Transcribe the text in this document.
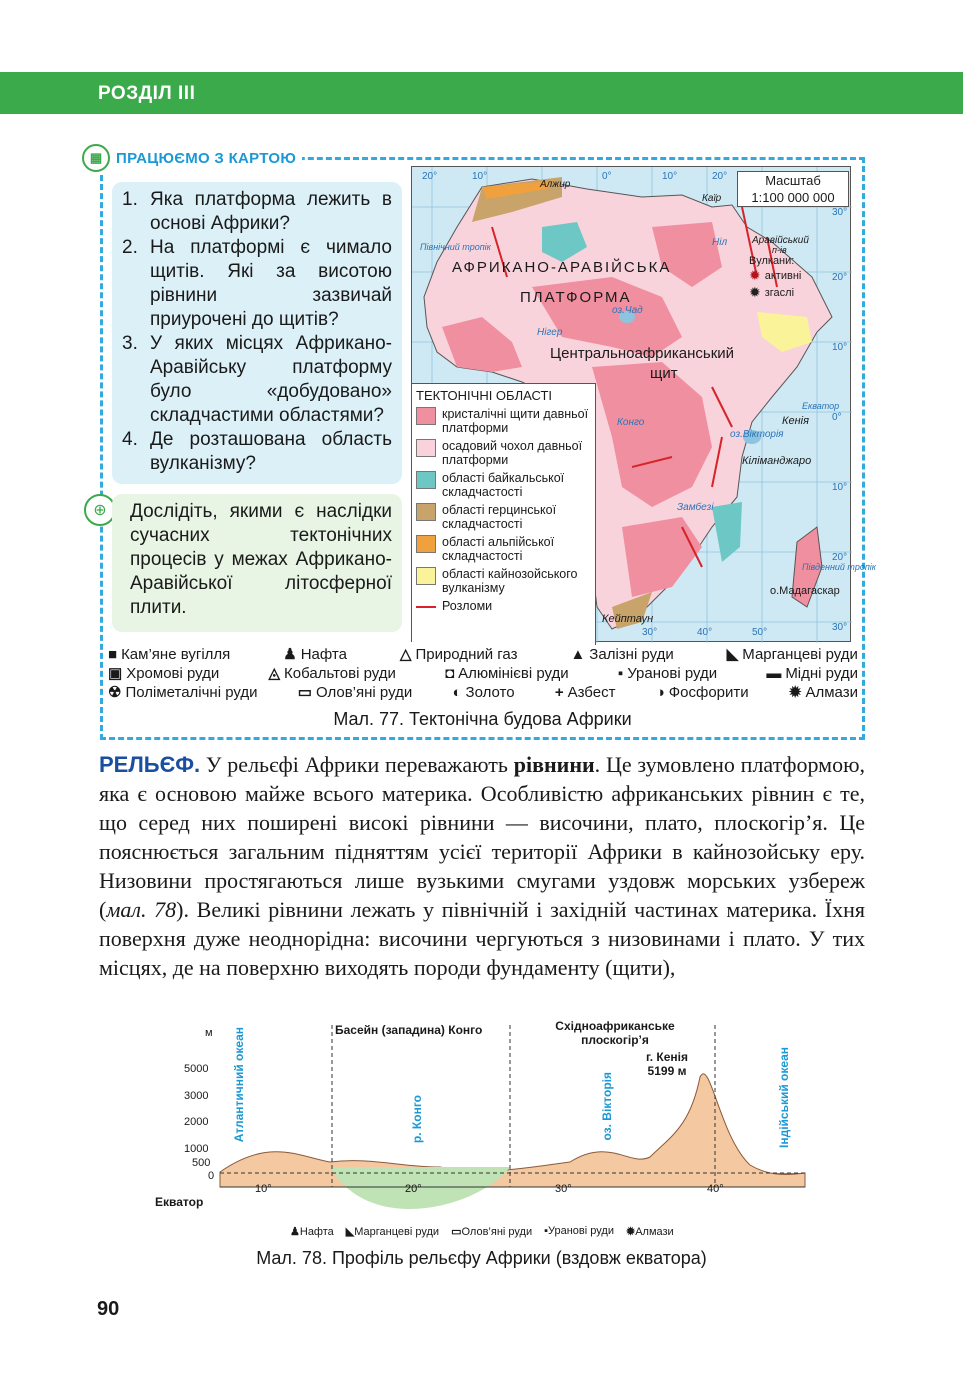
РОЗДІЛ ІІІ
▦ ПРАЦЮЄМО З КАРТОЮ
1. Яка платформа лежить в основі Африки?
2. На платформі є чимало щитів. Які за висотою рівнини зазвичай приурочені до щитів?
3. У яких місцях Африкано-Аравійську платформу було «добудовано» складчастими областями?
4. Де розташована область вулканізму?
⊕	Дослідіть, якими є наслідки сучасних тектонічних процесів у межах Африкано-Аравійської літосферної плити.
Масштаб
1:100 000 000
АФРИКАНО-АРАВІЙСЬКА
ПЛАТФОРМА
Центральноафриканський
щит
Алжир
Каїр
Аравійський
п-ів
Кенія
Кіліманджаро
о.Мадагаскар
Кейптаун
оз.Чад
оз.Вікторія
Ніл
Нігер
Конго
Замбезі
Північний тропік
Південний тропік
Екватор
20°	10°	0°	10°	20°
30°	40°	50°
30°
20°
10°
0°
10°
20°
30°
Вулкани:
✹ активні
✹ згаслі
ТЕКТОНІЧНІ ОБЛАСТІ
кристалічні щити давньої платформи
осадовий чохол давньої платформи
області байкальської складчастості
області герцинської складчастості
області альпійської складчастості
області кайнозойського вулканізму
Розломи
■ Кам’яне вугілля	♟ Нафта	△ Природний газ	▲ Залізні руди	◣ Марганцеві руди
▣ Хромові руди	◬ Кобальтові руди	◘ Алюмінієві руди	▪ Уранові руди	▬ Мідні руди
☢ Поліметалічні руди	▭ Олов’яні руди	◐ Золото	+ Азбест	◑ Фосфорити	✹ Алмази
Мал. 77. Тектонічна будова Африки
РЕЛЬЄФ. У рельєфі Африки переважають рівнини. Це зумовлено платформою, яка є основою майже всього материка. Особливістю африканських рівнин є те, що серед них поширені високі рівнини — височини, плато, плоскогір’я. Це пояснюється загальним підняттям усієї території Африки в кайнозойську еру. Низовини простягаються лише вузькими смугами уздовж морських узбереж (мал. 78). Великі рівнини лежать у північній і західній частинах материка. Їхня поверхня дуже неоднорідна: височини чергуються з низовинами і плато. У тих місцях, де на поверхню виходять породи фундаменту (щити),
м
5000
3000
2000
1000
500
0
Екватор
10°	20°	30°	40°
Басейн (западина) Конго	Східноафриканське
плоскогір’я
г. Кенія
5199 м
Атлантичний океан	Індійський океан
р. Конго	оз. Вікторія
♟Нафта ◣Марганцеві руди ▭Олов’яні руди ▪Уранові руди ✹Алмази
Мал. 78. Профіль рельєфу Африки (вздовж екватора)
90
